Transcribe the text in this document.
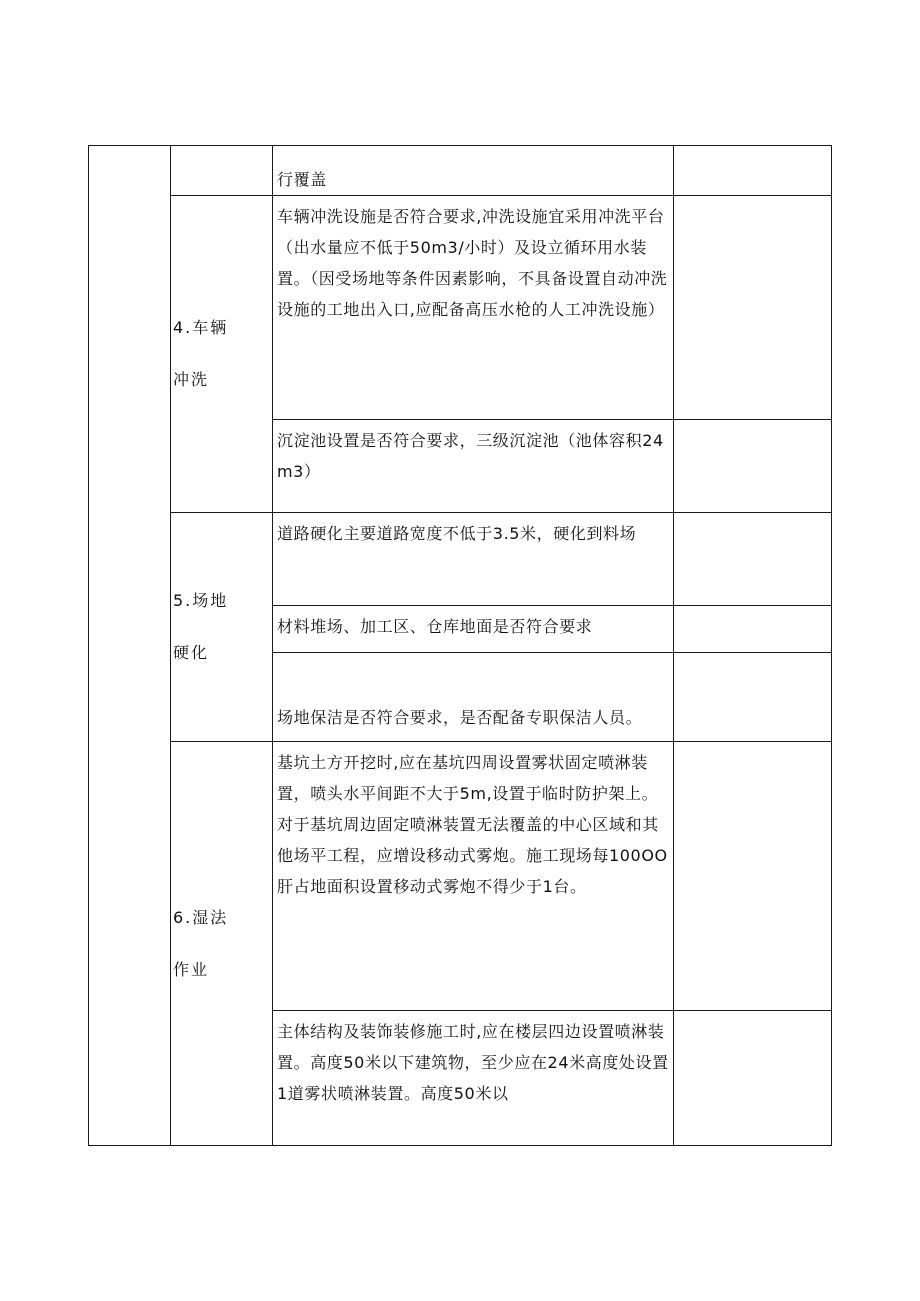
		行覆盖	

	4.车辆冲洗	车辆冲洗设施是否符合要求,冲洗设施宜采用冲洗平台（出水量应不低于50m3/小时）及设立循环用水装置。（因受场地等条件因素影响，不具备设置自动冲洗设施的工地出入口,应配备高压水枪的人工冲洗设施）	

		沉淀池设置是否符合要求，三级沉淀池（池体容积24m3）	

	5.场地硬化	道路硬化主要道路宽度不低于3.5米，硬化到料场	

		材料堆场、加工区、仓库地面是否符合要求	

		场地保洁是否符合要求，是否配备专职保洁人员。	

	6.湿法作业	基坑土方开挖时,应在基坑四周设置雾状固定喷淋装置，喷头水平间距不大于5m,设置于临时防护架上。对于基坑周边固定喷淋装置无法覆盖的中心区域和其他场平工程，应增设移动式雾炮。施工现场每100OO肝占地面积设置移动式雾炮不得少于1台。	

		主体结构及装饰装修施工时,应在楼层四边设置喷淋装置。高度50米以下建筑物，至少应在24米高度处设置1道雾状喷淋装置。高度50米以	
